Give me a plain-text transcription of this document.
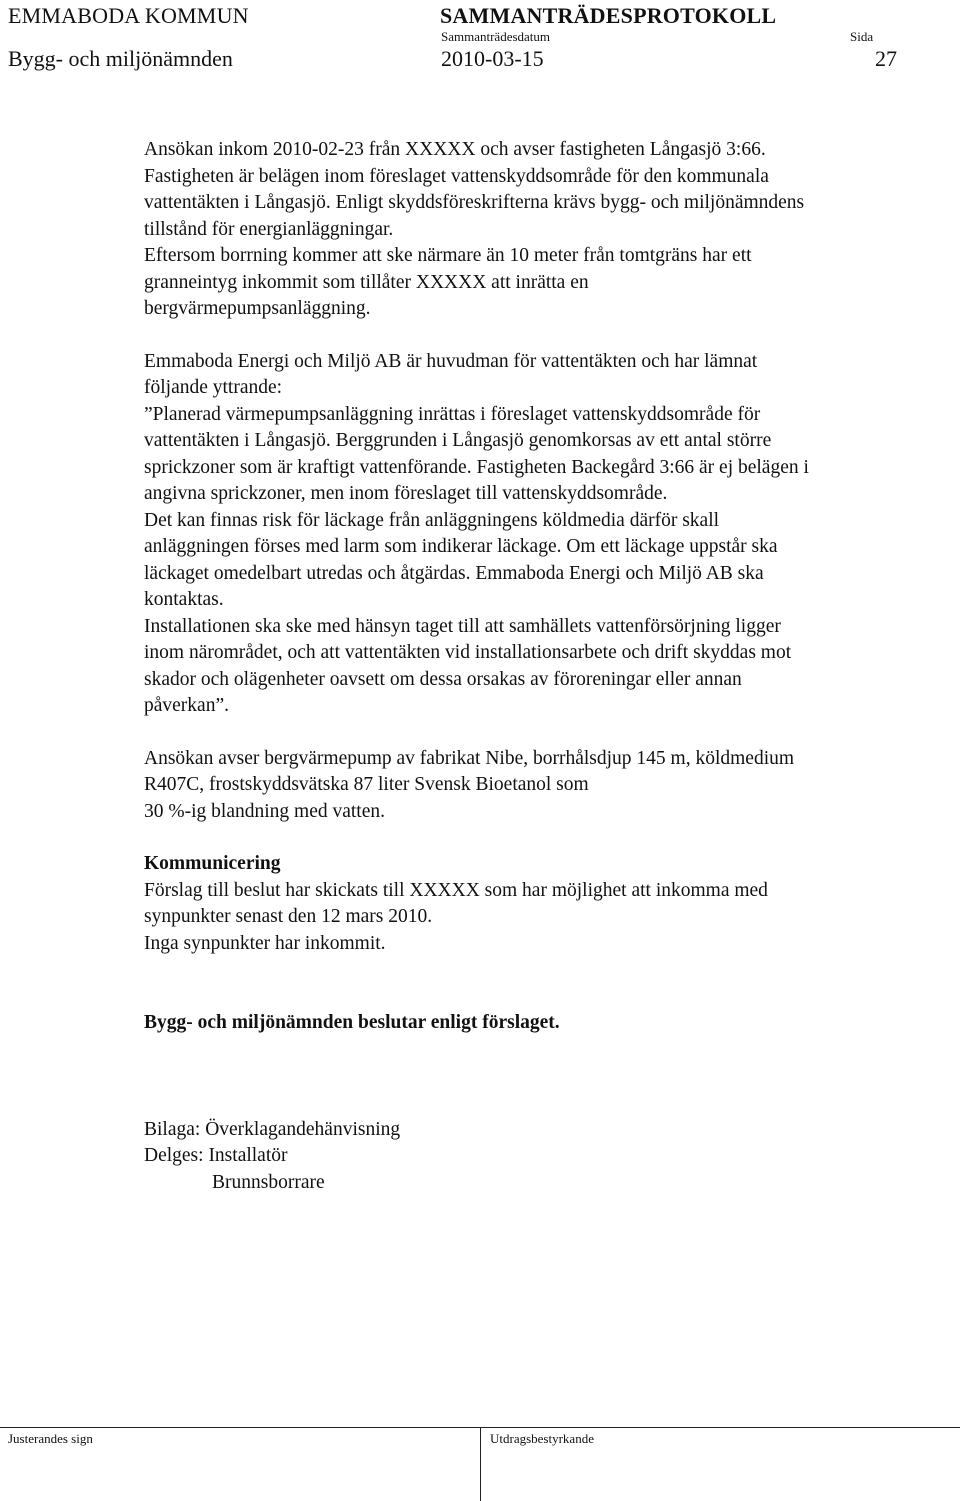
EMMABODA KOMMUN	SAMMANTRÄDESPROTOKOLL
Sammanträdesdatum	Sida
Bygg- och miljönämnden	2010-03-15	27

Ansökan inkom 2010-02-23 från XXXXX och avser fastigheten Långasjö 3:66.
Fastigheten är belägen inom föreslaget vattenskyddsområde för den kommunala
vattentäkten i Långasjö. Enligt skyddsföreskrifterna krävs bygg- och miljönämndens
tillstånd för energianläggningar.
Eftersom borrning kommer att ske närmare än 10 meter från tomtgräns har ett
granneintyg inkommit som tillåter XXXXX att inrätta en
bergvärmepumpsanläggning.

Emmaboda Energi och Miljö AB är huvudman för vattentäkten och har lämnat
följande yttrande:
”Planerad värmepumpsanläggning inrättas i föreslaget vattenskyddsområde för
vattentäkten i Långasjö. Berggrunden i Långasjö genomkorsas av ett antal större
sprickzoner som är kraftigt vattenförande. Fastigheten Backegård 3:66 är ej belägen i
angivna sprickzoner, men inom föreslaget till vattenskyddsområde.
Det kan finnas risk för läckage från anläggningens köldmedia därför skall
anläggningen förses med larm som indikerar läckage. Om ett läckage uppstår ska
läckaget omedelbart utredas och åtgärdas. Emmaboda Energi och Miljö AB ska
kontaktas.
Installationen ska ske med hänsyn taget till att samhällets vattenförsörjning ligger
inom närområdet, och att vattentäkten vid installationsarbete och drift skyddas mot
skador och olägenheter oavsett om dessa orsakas av föroreningar eller annan
påverkan”.

Ansökan avser bergvärmepump av fabrikat Nibe, borrhålsdjup 145 m, köldmedium
R407C, frostskyddsvätska 87 liter Svensk Bioetanol som
30 %-ig blandning med vatten.

Kommunicering

Förslag till beslut har skickats till XXXXX som har möjlighet att inkomma med
synpunkter senast den 12 mars 2010.
Inga synpunkter har inkommit.

Bygg- och miljönämnden beslutar enligt förslaget.

Bilaga: Överklagandehänvisning

Delges: Installatör

Brunnsborrare

Justerandes sign	Utdragsbestyrkande
